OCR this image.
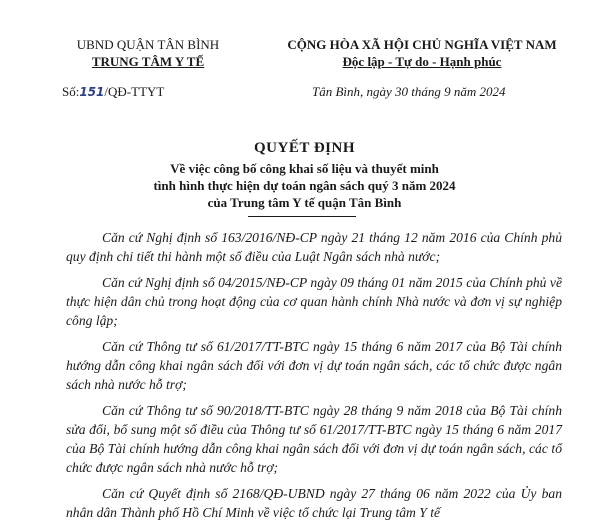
UBND QUẬN TÂN BÌNH
TRUNG TÂM Y TẾ
CỘNG HÒA XÃ HỘI CHỦ NGHĨA VIỆT NAM
Độc lập - Tự do - Hạnh phúc
Số:151/QĐ-TTYT	Tân Bình, ngày 30 tháng 9 năm 2024
QUYẾT ĐỊNH
Về việc công bố công khai số liệu và thuyết minh
tình hình thực hiện dự toán ngân sách quý 3 năm 2024
của Trung tâm Y tế quận Tân Bình

Căn cứ Nghị định số 163/2016/NĐ-CP ngày 21 tháng 12 năm 2016 của Chính phủ quy định chi tiết thi hành một số điều của Luật Ngân sách nhà nước;

Căn cứ Nghị định số 04/2015/NĐ-CP ngày 09 tháng 01 năm 2015 của Chính phủ về thực hiện dân chủ trong hoạt động của cơ quan hành chính Nhà nước và đơn vị sự nghiệp công lập;

Căn cứ Thông tư số 61/2017/TT-BTC ngày 15 tháng 6 năm 2017 của Bộ Tài chính hướng dẫn công khai ngân sách đối với đơn vị dự toán ngân sách, các tổ chức được ngân sách nhà nước hỗ trợ;

Căn cứ Thông tư số 90/2018/TT-BTC ngày 28 tháng 9 năm 2018 của Bộ Tài chính sửa đổi, bổ sung một số điều của Thông tư số 61/2017/TT-BTC ngày 15 tháng 6 năm 2017 của Bộ Tài chính hướng dẫn công khai ngân sách đối với đơn vị dự toán ngân sách, các tổ chức được ngân sách nhà nước hỗ trợ;

Căn cứ Quyết định số 2168/QĐ-UBND ngày 27 tháng 06 năm 2022 của Ủy ban nhân dân Thành phố Hồ Chí Minh về việc tổ chức lại Trung tâm Y tế
